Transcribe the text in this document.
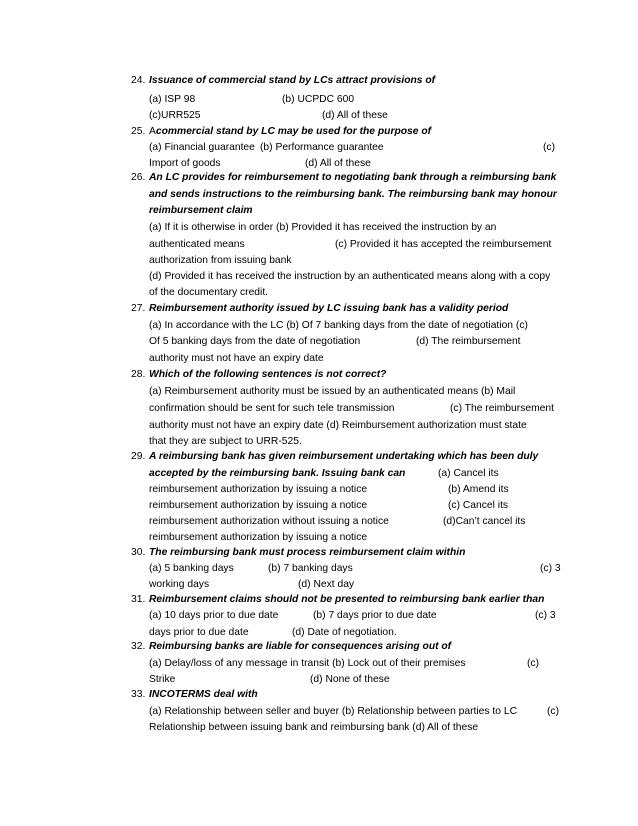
24. Issuance of commercial stand by LCs attract provisions of
(a) ISP 98	(b) UCPDC 600
(c)URR525	(d) All of these
25. A commercial stand by LC may be used for the purpose of
(a) Financial guarantee (b) Performance guarantee	(c)
Import of goods	(d) All of these
26. An LC provides for reimbursement to negotiating bank through a reimbursing bank
and sends instructions to the reimbursing bank. The reimbursing bank may honour
reimbursement claim
(a) If it is otherwise in order (b) Provided it has received the instruction by an
authenticated means	(c) Provided it has accepted the reimbursement
authorization from issuing bank
(d) Provided it has received the instruction by an authenticated means along with a copy
of the documentary credit.
27. Reimbursement authority issued by LC issuing bank has a validity period
(a) In accordance with the LC (b) Of 7 banking days from the date of negotiation (c)
Of 5 banking days from the date of negotiation	(d) The reimbursement
authority must not have an expiry date
28. Which of the following sentences is not correct?
(a) Reimbursement authority must be issued by an authenticated means (b) Mail
confirmation should be sent for such tele transmission	(c) The reimbursement
authority must not have an expiry date (d) Reimbursement authorization must state
that they are subject to URR-525.
29. A reimbursing bank has given reimbursement undertaking which has been duly
accepted by the reimbursing bank. Issuing bank can	(a) Cancel its
reimbursement authorization by issuing a notice	(b) Amend its
reimbursement authorization by issuing a notice	(c) Cancel its
reimbursement authorization without issuing a notice	(d)Can’t cancel its
reimbursement authorization by issuing a notice
30. The reimbursing bank must process reimbursement claim within
(a) 5 banking days	(b) 7 banking days	(c) 3
working days	(d) Next day
31. Reimbursement claims should not be presented to reimbursing bank earlier than
(a) 10 days prior to due date	(b) 7 days prior to due date	(c) 3
days prior to due date	(d) Date of negotiation.
32. Reimbursing banks are liable for consequences arising out of
(a) Delay/loss of any message in transit (b) Lock out of their premises	(c)
Strike	(d) None of these
33. INCOTERMS deal with
(a) Relationship between seller and buyer (b) Relationship between parties to LC	(c)
Relationship between issuing bank and reimbursing bank (d) All of these
